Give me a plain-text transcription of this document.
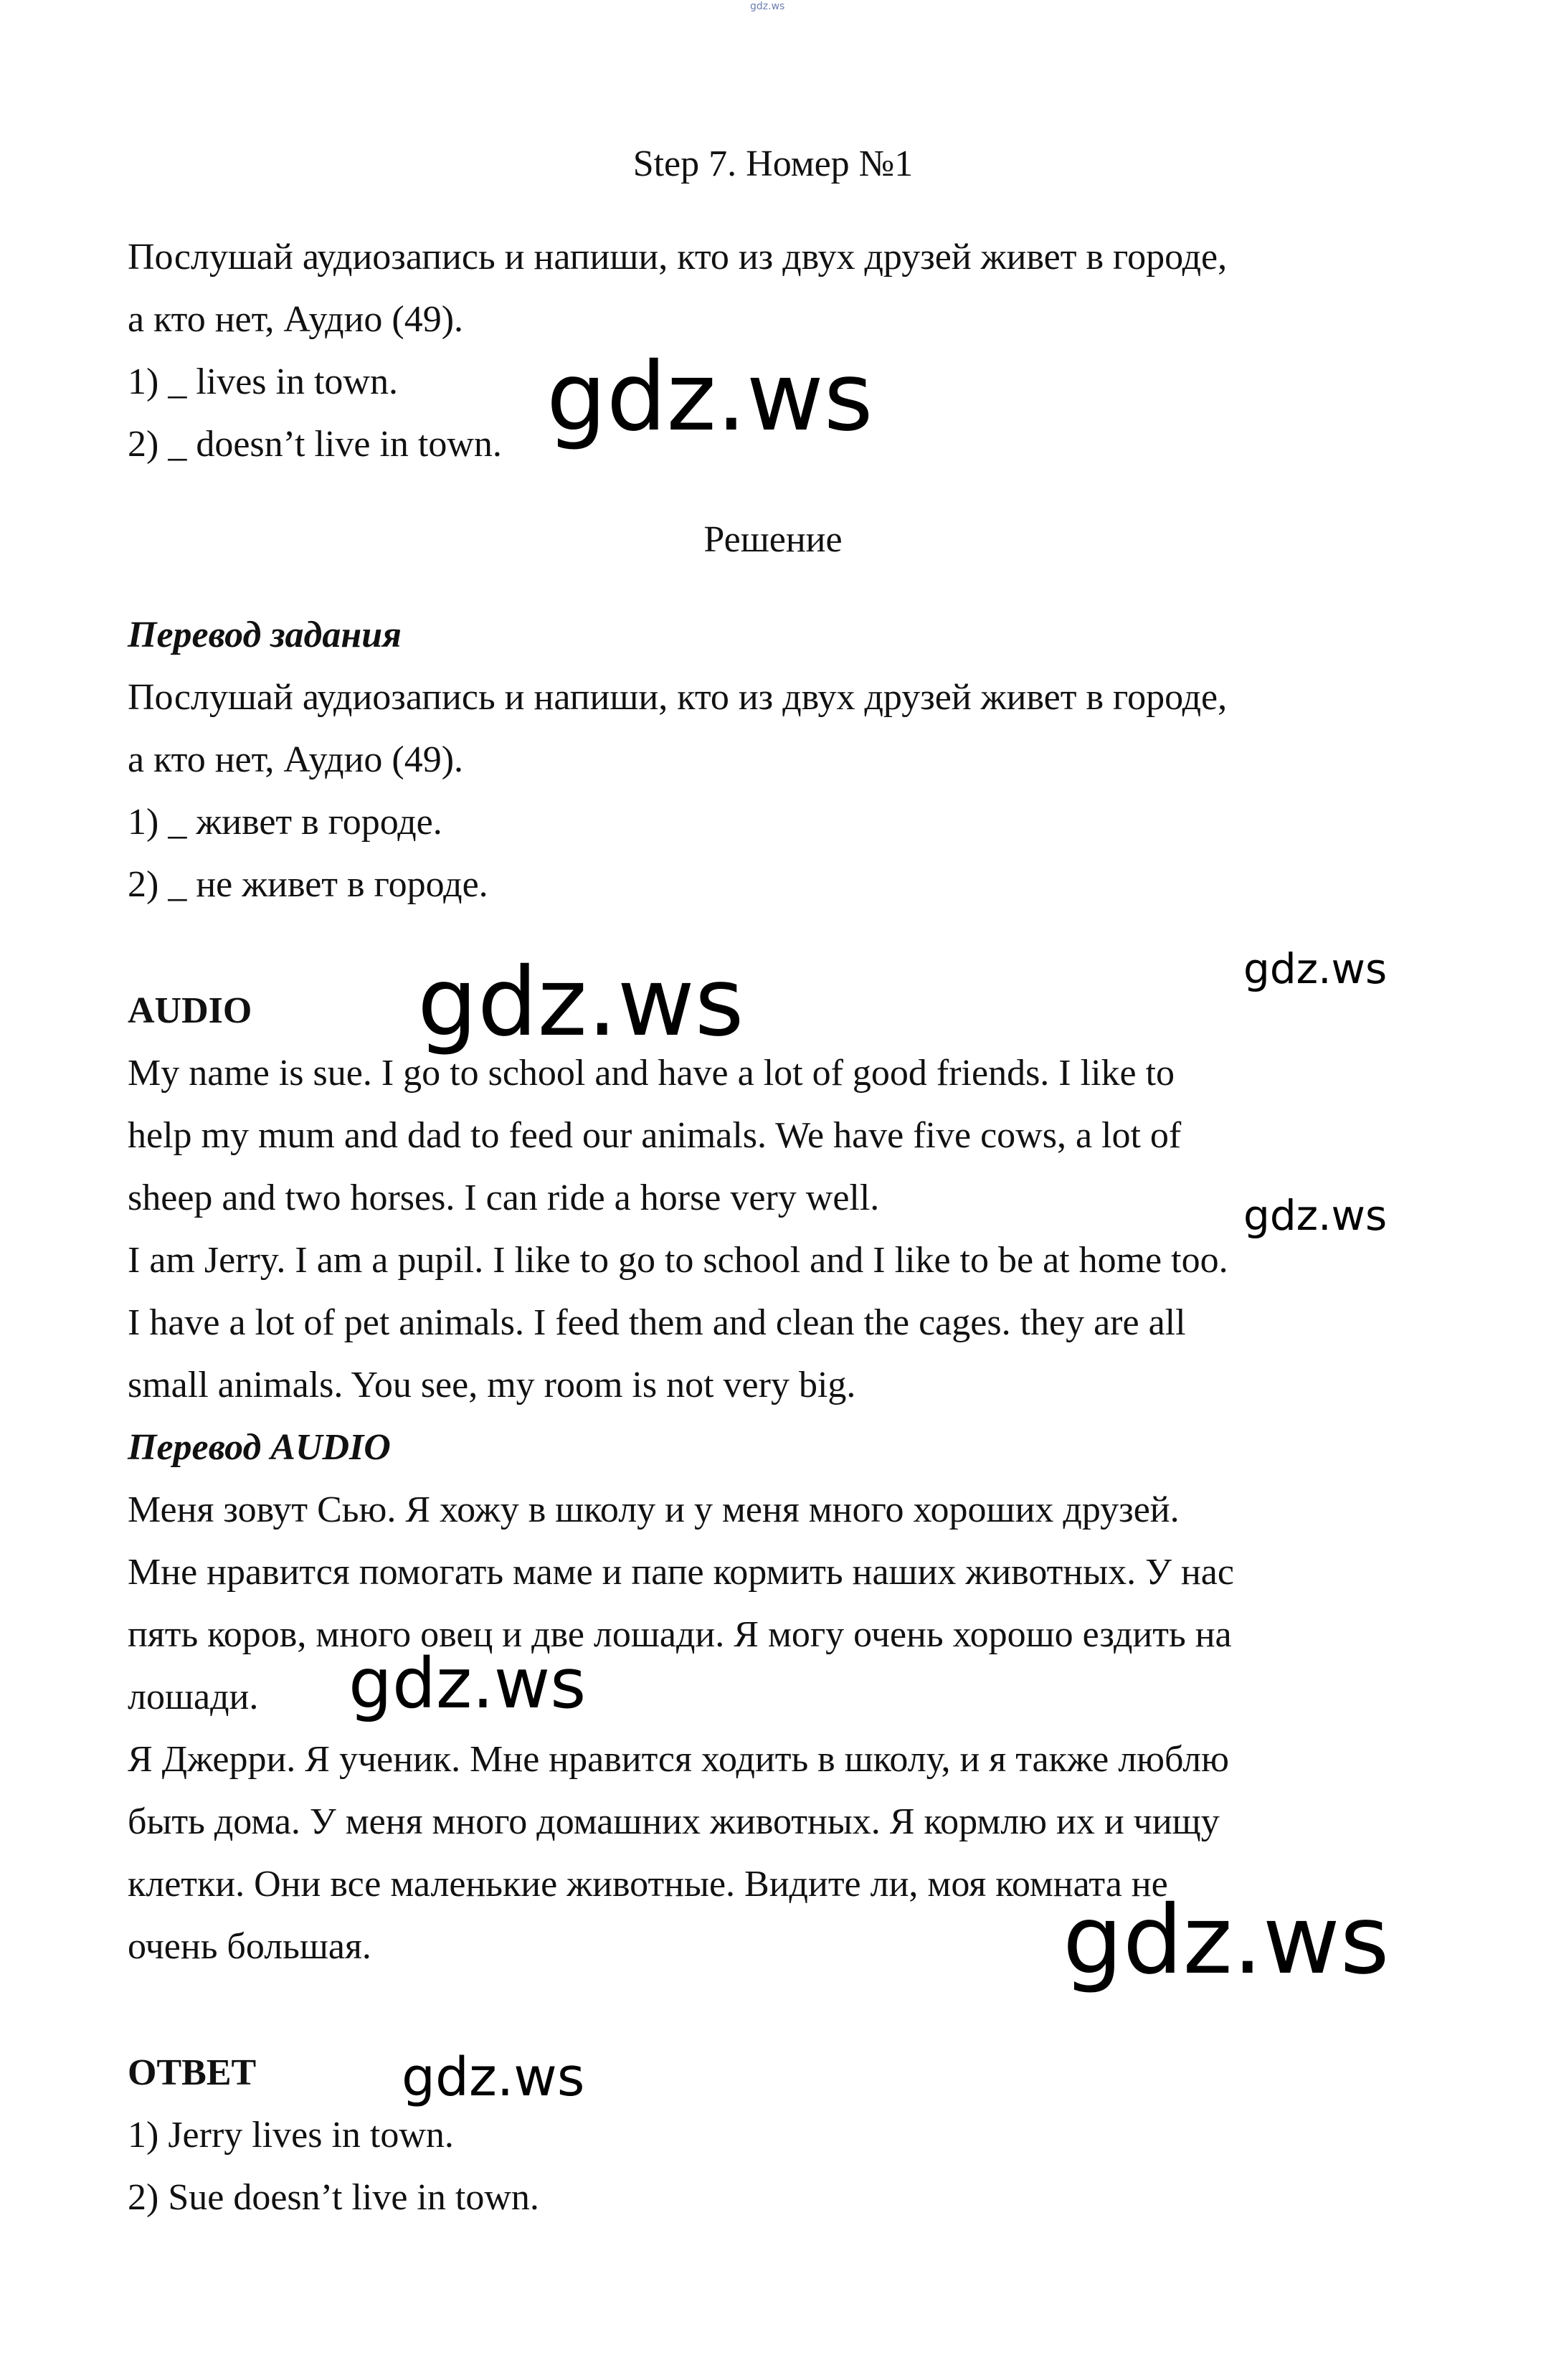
gdz.ws

Step 7. Номер №1

Послушай аудиозапись и напиши, кто из двух друзей живет в городе,

а кто нет, Аудио (49).

1) _ lives in town.

2) _ doesn’t live in town. gdz.ws

Решение

Перевод задания

Послушай аудиозапись и напиши, кто из двух друзей живет в городе,

а кто нет, Аудио (49).

1) _ живет в городе.

2) _ не живет в городе.

AUDIO gdz.ws	gdz.ws

My name is sue. I go to school and have a lot of good friends. I like to

help my mum and dad to feed our animals. We have five cows, a lot of

sheep and two horses. I can ride a horse very well.	gdz.ws

I am Jerry. I am a pupil. I like to go to school and I like to be at home too.

I have a lot of pet animals. I feed them and clean the cages. they are all

small animals. You see, my room is not very big.

Перевод AUDIO

Меня зовут Сью. Я хожу в школу и у меня много хороших друзей.

Мне нравится помогать маме и папе кормить наших животных. У нас

пять коров, много овец и две лошади. Я могу очень хорошо ездить на

лошади. gdz.ws

Я Джерри. Я ученик. Мне нравится ходить в школу, и я также люблю

быть дома. У меня много домашних животных. Я кормлю их и чищу

клетки. Они все маленькие животные. Видите ли, моя комната не

очень большая.	gdz.ws

ОТВЕТ	gdz.ws

1) Jerry lives in town.

2) Sue doesn’t live in town.
